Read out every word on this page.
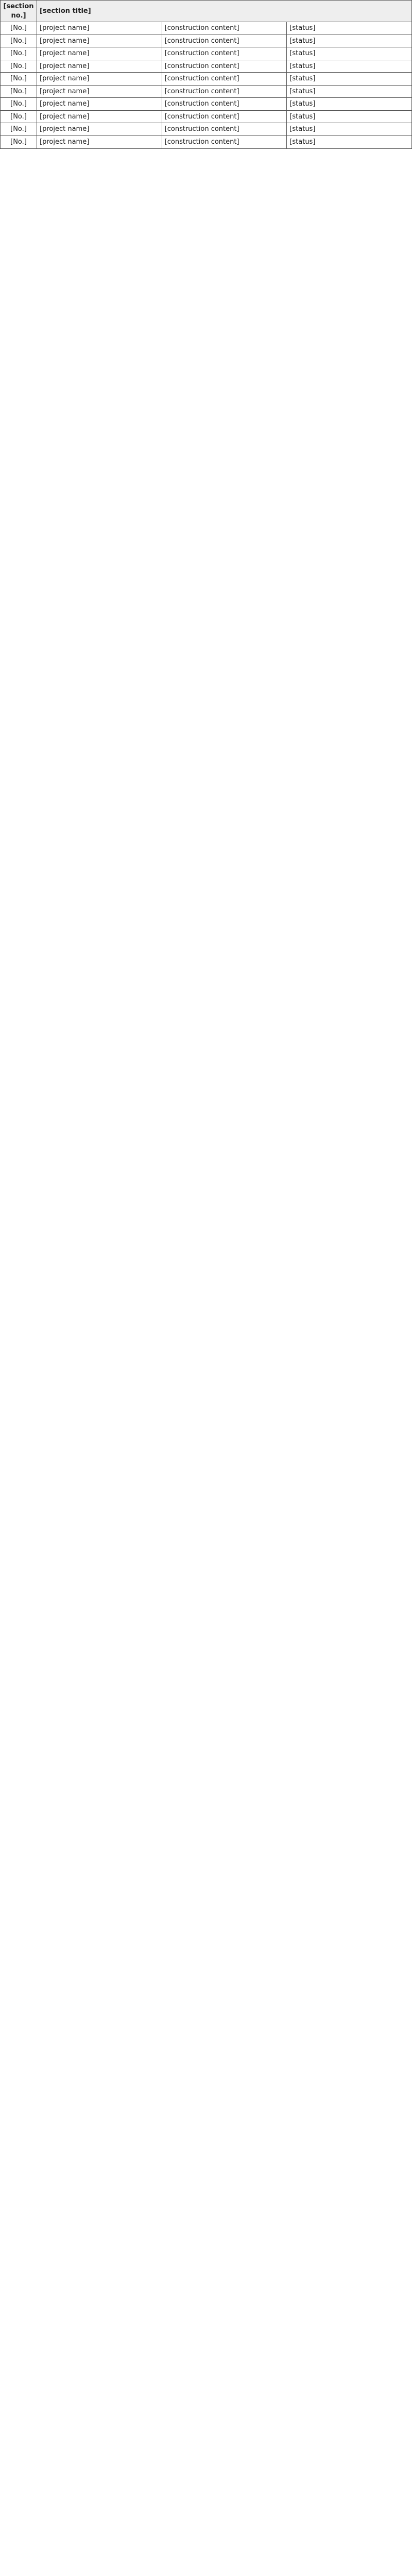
[section no.]	[section title]		
[No.]	[project name]	[construction content]	[status]
[No.]	[project name]	[construction content]	[status]
[No.]	[project name]	[construction content]	[status]
[No.]	[project name]	[construction content]	[status]
[No.]	[project name]	[construction content]	[status]
[No.]	[project name]	[construction content]	[status]
[No.]	[project name]	[construction content]	[status]
[No.]	[project name]	[construction content]	[status]
[No.]	[project name]	[construction content]	[status]
[No.]	[project name]	[construction content]	[status]
